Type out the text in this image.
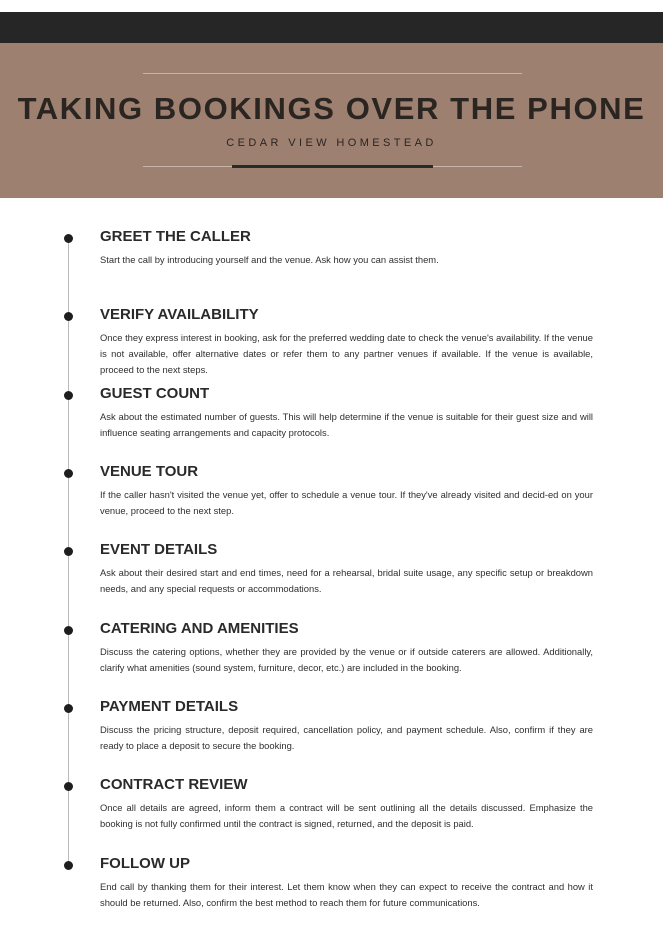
TAKING BOOKINGS OVER THE PHONE
CEDAR VIEW HOMESTEAD
GREET THE CALLER
Start the call by introducing yourself and the venue. Ask how you can assist them.
VERIFY AVAILABILITY
Once they express interest in booking, ask for the preferred wedding date to check the venue's availability. If the venue is not available, offer alternative dates or refer them to any partner venues if available. If the venue is available, proceed to the next steps.
GUEST COUNT
Ask about the estimated number of guests. This will help determine if the venue is suitable for their guest size and will influence seating arrangements and capacity protocols.
VENUE TOUR
If the caller hasn't visited the venue yet, offer to schedule a venue tour. If they've already visited and decid-ed on your venue, proceed to the next step.
EVENT DETAILS
Ask about their desired start and end times, need for a rehearsal, bridal suite usage, any specific setup or breakdown needs, and any special requests or accommodations.
CATERING AND AMENITIES
Discuss the catering options, whether they are provided by the venue or if outside caterers are allowed. Additionally, clarify what amenities (sound system, furniture, decor, etc.) are included in the booking.
PAYMENT DETAILS
Discuss the pricing structure, deposit required, cancellation policy, and payment schedule. Also, confirm if they are ready to place a deposit to secure the booking.
CONTRACT REVIEW
Once all details are agreed, inform them a contract will be sent outlining all the details discussed. Emphasize the booking is not fully confirmed until the contract is signed, returned, and the deposit is paid.
FOLLOW UP
End call by thanking them for their interest. Let them know when they can expect to receive the contract and how it should be returned. Also, confirm the best method to reach them for future communications.
